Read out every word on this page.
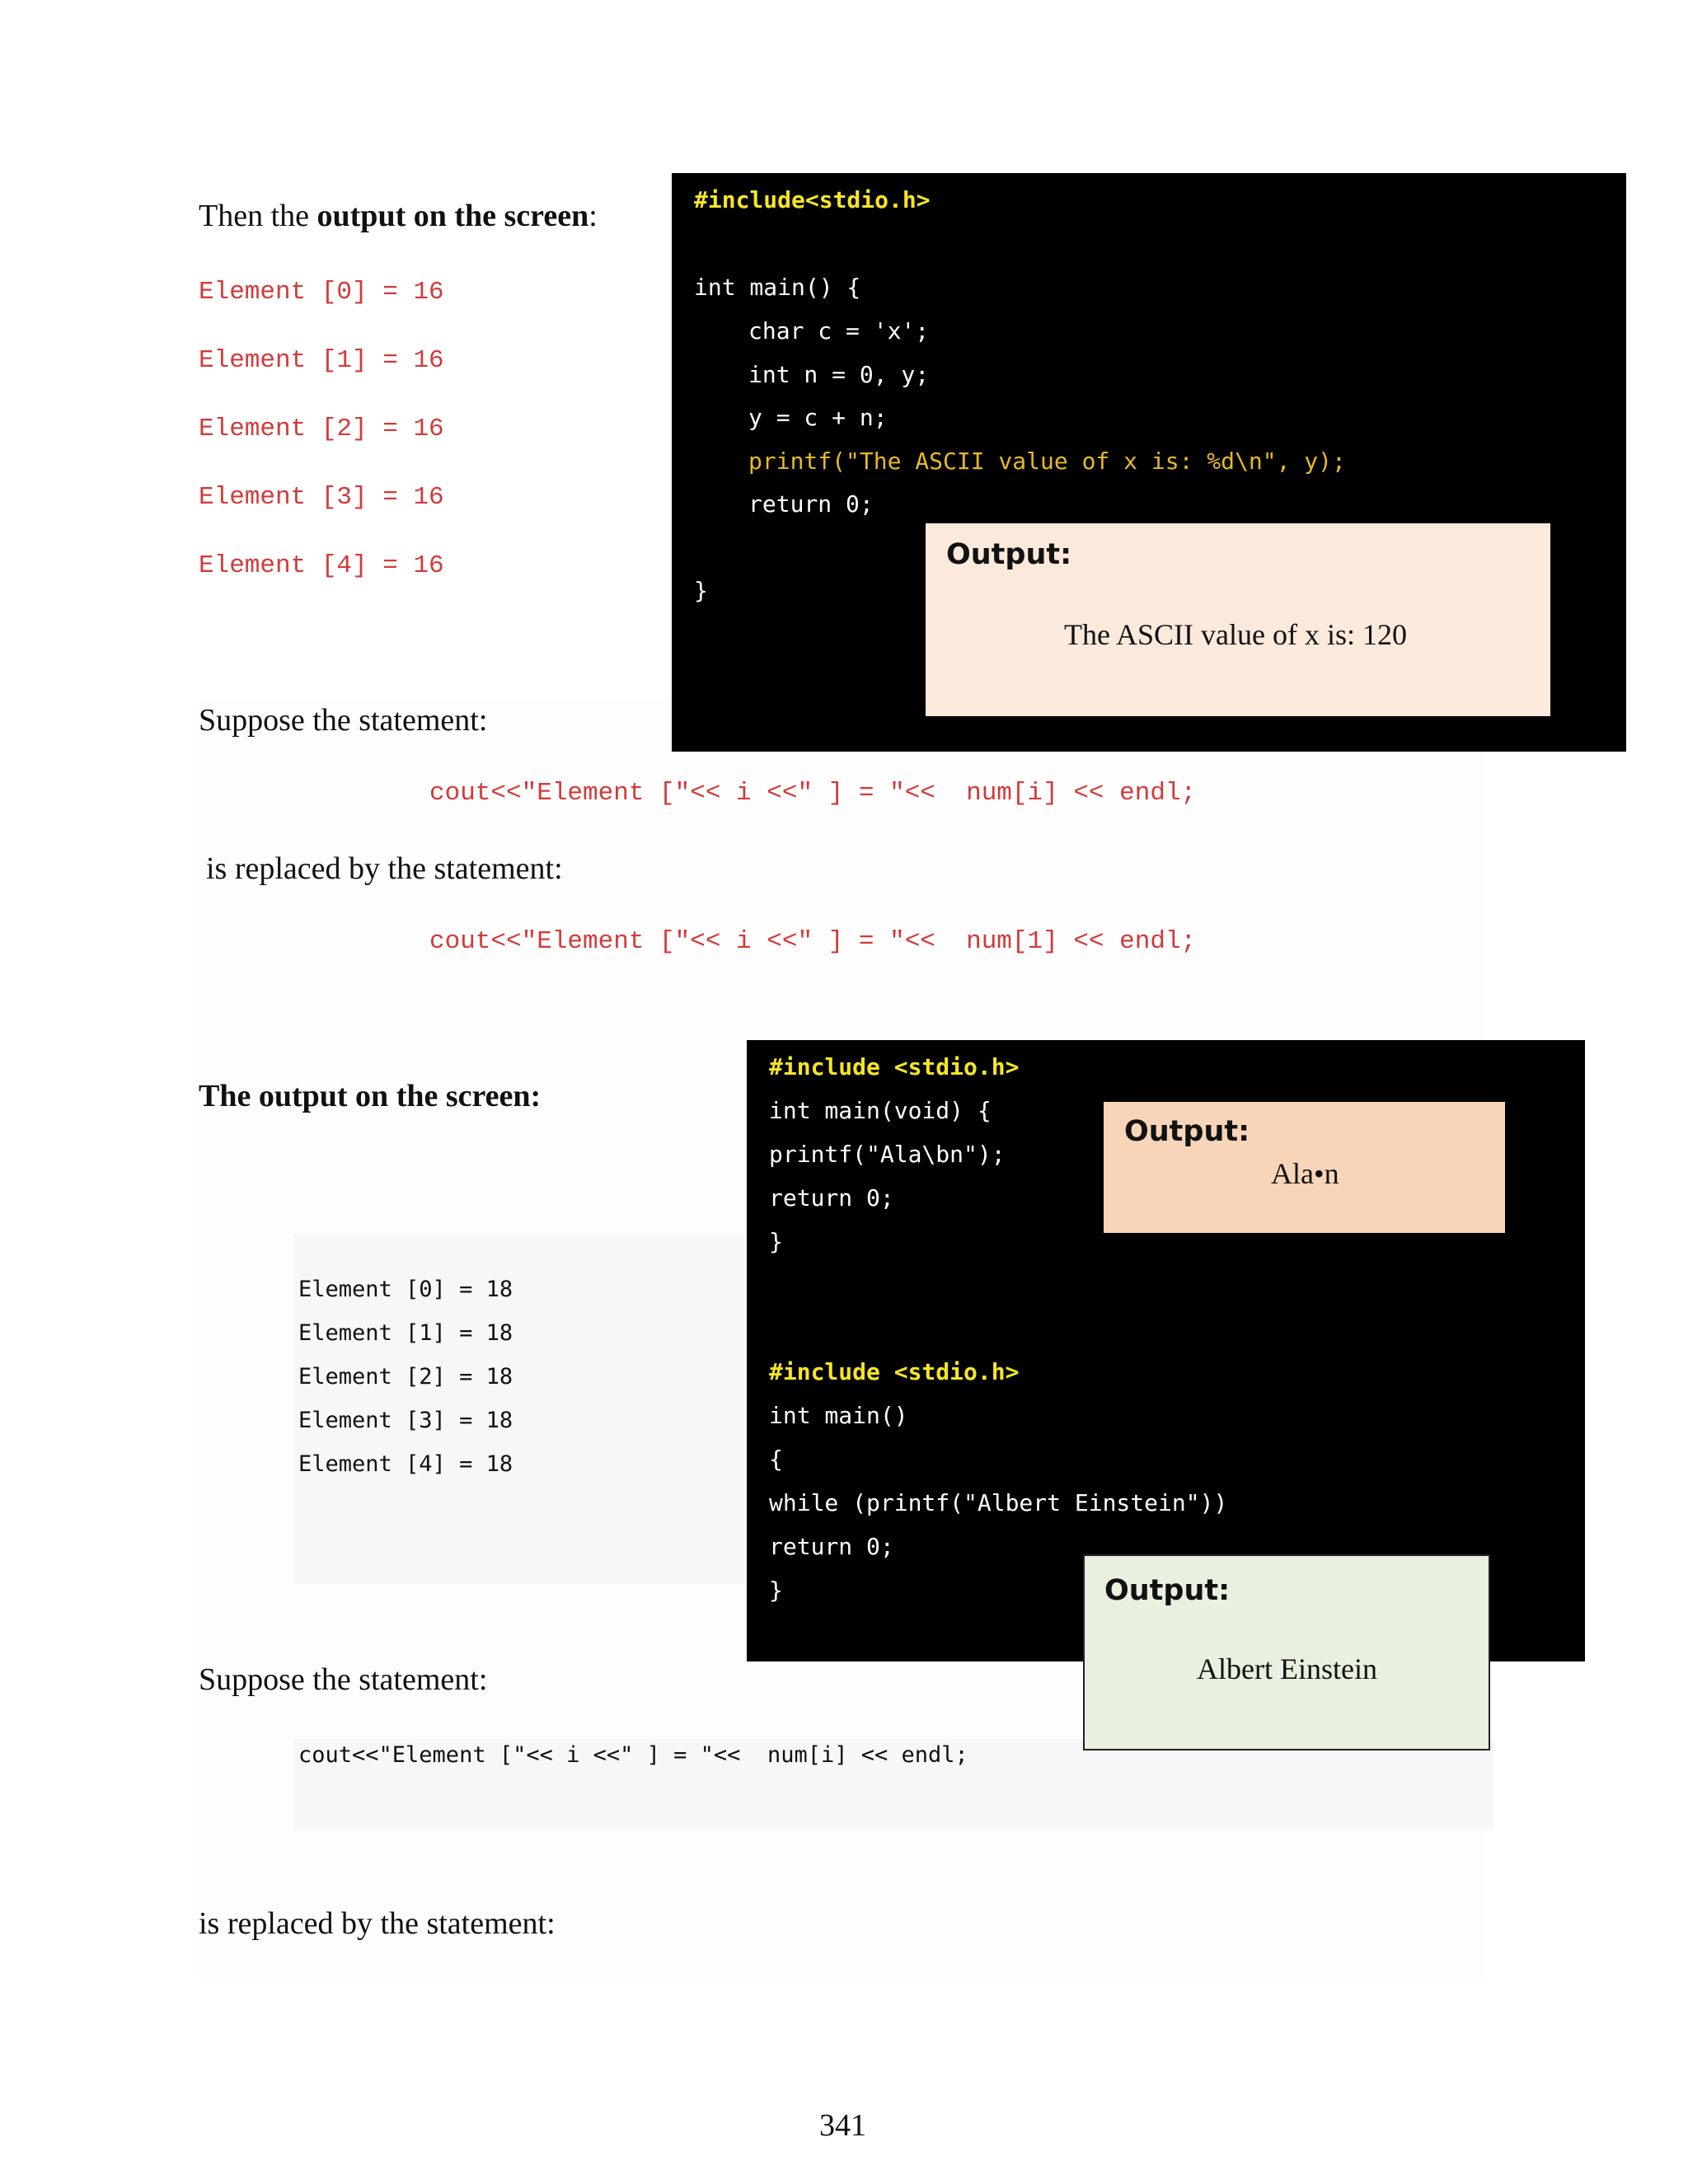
Then the output on the screen:
Element [0] = 16
Element [1] = 16
Element [2] = 16
Element [3] = 16
Element [4] = 16
Suppose the statement:
cout<<"Element ["<< i <<" ] = "<<  num[i] << endl;
is replaced by the statement:
cout<<"Element ["<< i <<" ] = "<<  num[1] << endl;
#include<stdio.h>
int main() {
char c = 'x';
int n = 0, y;
y = c + n;
printf("The ASCII value of x is: %d\n", y);
return 0;
}
Output:
The ASCII value of x is: 120
The output on the screen:
Element [0] = 18
Element [1] = 18
Element [2] = 18
Element [3] = 18
Element [4] = 18
Suppose the statement:
cout<<"Element ["<< i <<" ] = "<<  num[i] << endl;
is replaced by the statement:
#include <stdio.h>
int main(void) {
printf("Ala\bn");
return 0;
}
Output:
Ala•n
#include <stdio.h>
int main()
{
while (printf("Albert Einstein"))
return 0;
}	Output:
Albert Einstein
341
